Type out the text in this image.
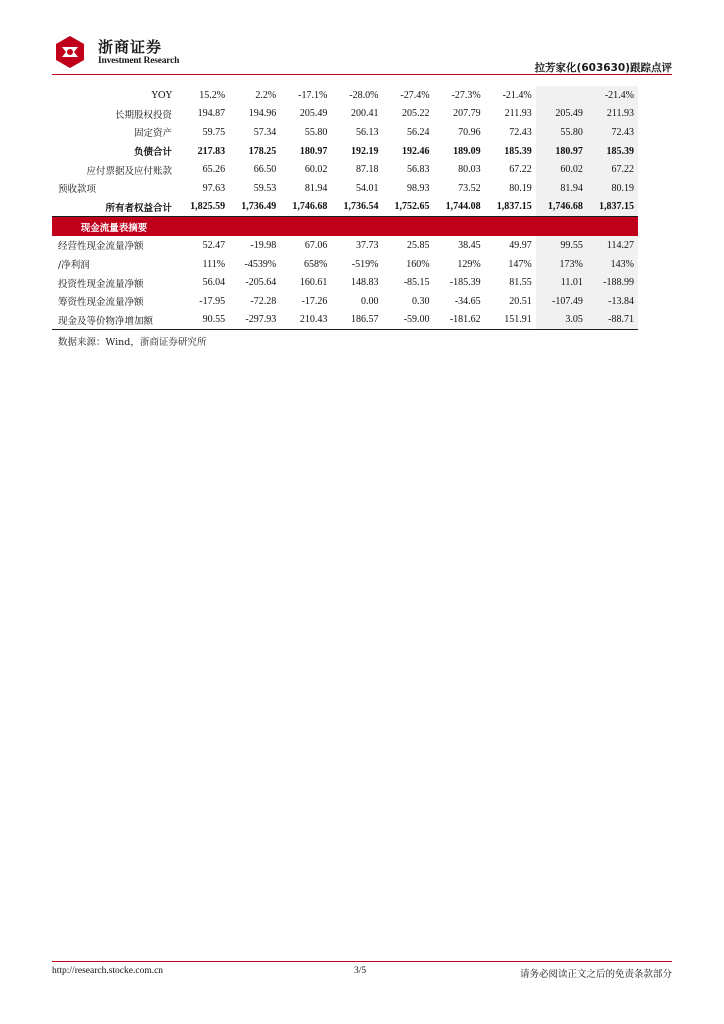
浙商证券
Investment Research
拉芳家化(603630)跟踪点评
YOY	15.2%	2.2%	-17.1%	-28.0%	-27.4%	-27.3%	-21.4%		-21.4%
长期股权投资	194.87	194.96	205.49	200.41	205.22	207.79	211.93	205.49	211.93
固定资产	59.75	57.34	55.80	56.13	56.24	70.96	72.43	55.80	72.43
负债合计	217.83	178.25	180.97	192.19	192.46	189.09	185.39	180.97	185.39
应付票据及应付账款	65.26	66.50	60.02	87.18	56.83	80.03	67.22	60.02	67.22
预收款项	97.63	59.53	81.94	54.01	98.93	73.52	80.19	81.94	80.19
所有者权益合计	1,825.59	1,736.49	1,746.68	1,736.54	1,752.65	1,744.08	1,837.15	1,746.68	1,837.15
现金流量表摘要									
经营性现金流量净额	52.47	-19.98	67.06	37.73	25.85	38.45	49.97	99.55	114.27
/净利润	111%	-4539%	658%	-519%	160%	129%	147%	173%	143%
投资性现金流量净额	56.04	-205.64	160.61	148.83	-85.15	-185.39	81.55	11.01	-188.99
筹资性现金流量净额	-17.95	-72.28	-17.26	0.00	0.30	-34.65	20.51	-107.49	-13.84
现金及等价物净增加额	90.55	-297.93	210.43	186.57	-59.00	-181.62	151.91	3.05	-88.71
数据来源：Wind，浙商证券研究所
http://research.stocke.com.cn	3/5	请务必阅读正文之后的免责条款部分
